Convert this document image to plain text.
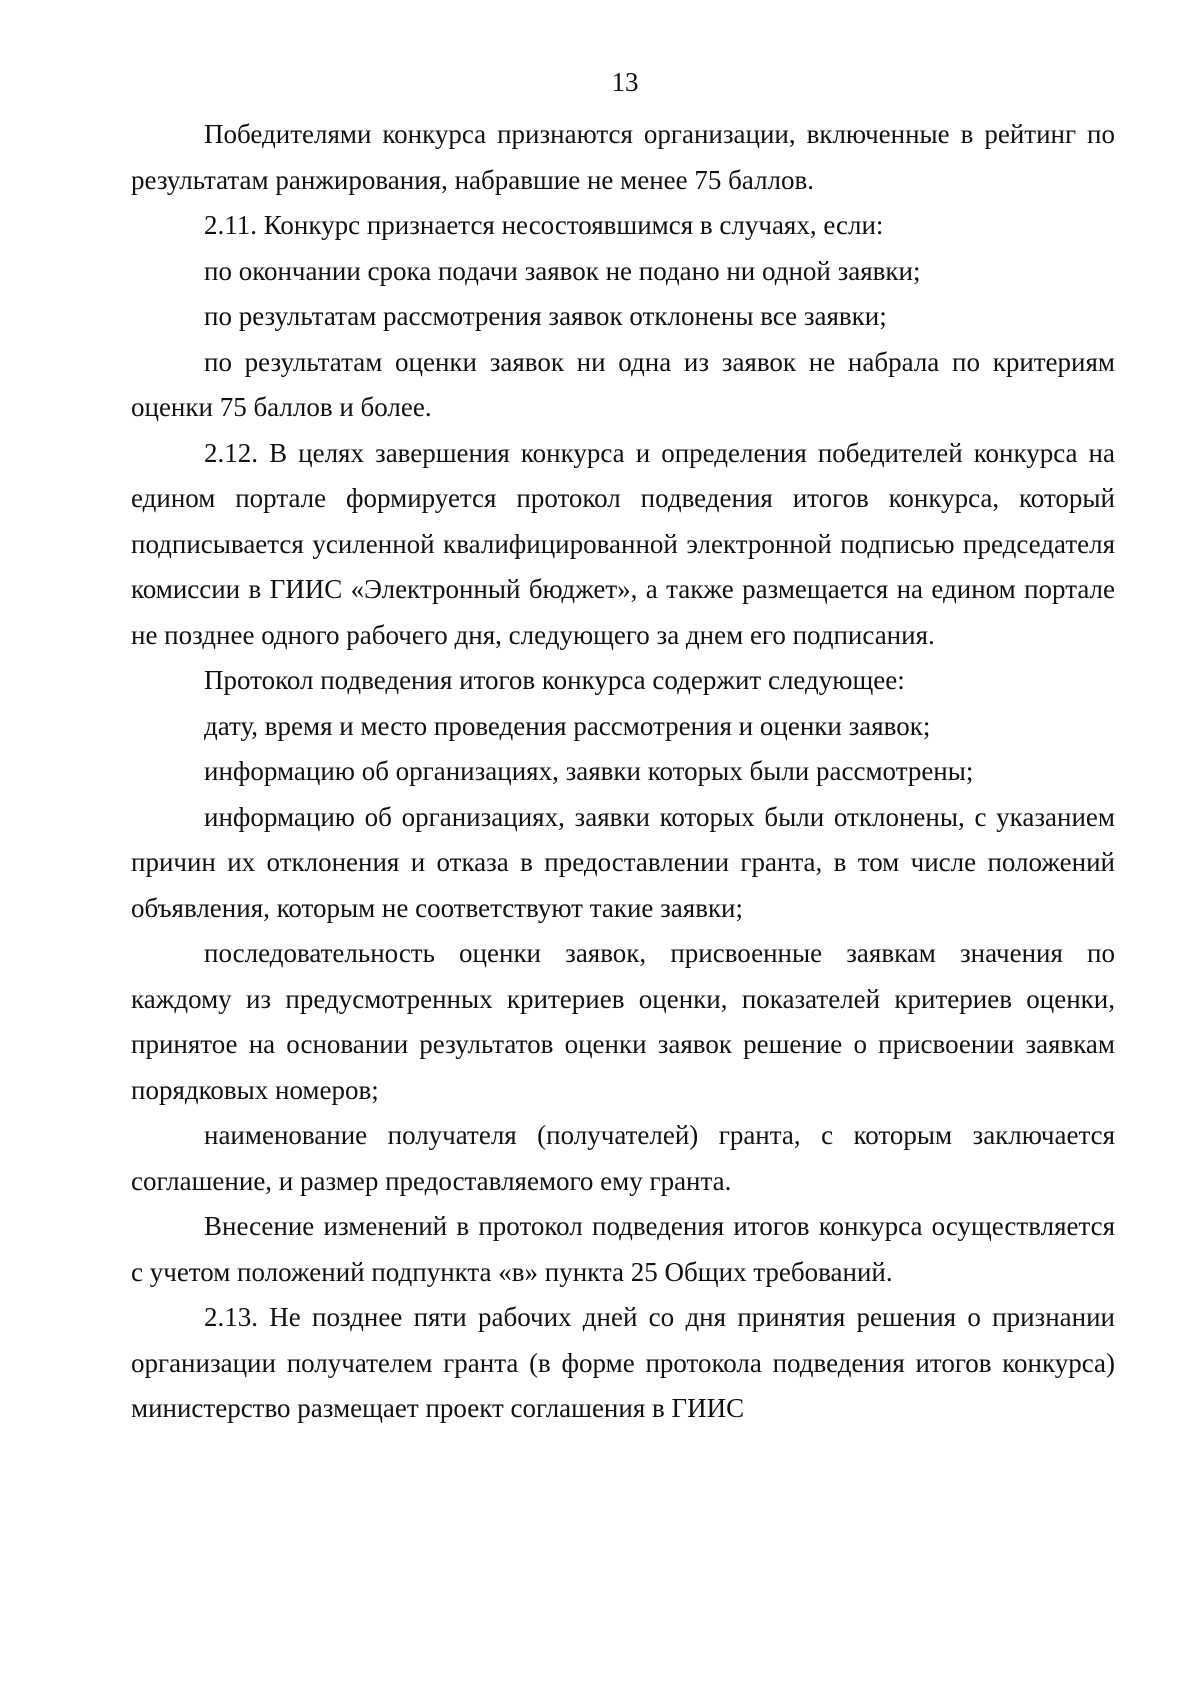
13

Победителями конкурса признаются организации, включенные в рейтинг по результатам ранжирования, набравшие не менее 75 баллов.

2.11. Конкурс признается несостоявшимся в случаях, если:

по окончании срока подачи заявок не подано ни одной заявки;

по результатам рассмотрения заявок отклонены все заявки;

по результатам оценки заявок ни одна из заявок не набрала по критериям оценки 75 баллов и более.

2.12. В целях завершения конкурса и определения победителей конкурса на едином портале формируется протокол подведения итогов конкурса, который подписывается усиленной квалифицированной электронной подписью председателя комиссии в ГИИС «Электронный бюджет», а также размещается на едином портале не позднее одного рабочего дня, следующего за днем его подписания.

Протокол подведения итогов конкурса содержит следующее:

дату, время и место проведения рассмотрения и оценки заявок;

информацию об организациях, заявки которых были рассмотрены;

информацию об организациях, заявки которых были отклонены, с указанием причин их отклонения и отказа в предоставлении гранта, в том числе положений объявления, которым не соответствуют такие заявки;

последовательность оценки заявок, присвоенные заявкам значения по каждому из предусмотренных критериев оценки, показателей критериев оценки, принятое на основании результатов оценки заявок решение о присвоении заявкам порядковых номеров;

наименование получателя (получателей) гранта, с которым заключается соглашение, и размер предоставляемого ему гранта.

Внесение изменений в протокол подведения итогов конкурса осуществляется с учетом положений подпункта «в» пункта 25 Общих требований.

2.13. Не позднее пяти рабочих дней со дня принятия решения о признании организации получателем гранта (в форме протокола подведения итогов конкурса) министерство размещает проект соглашения в ГИИС
